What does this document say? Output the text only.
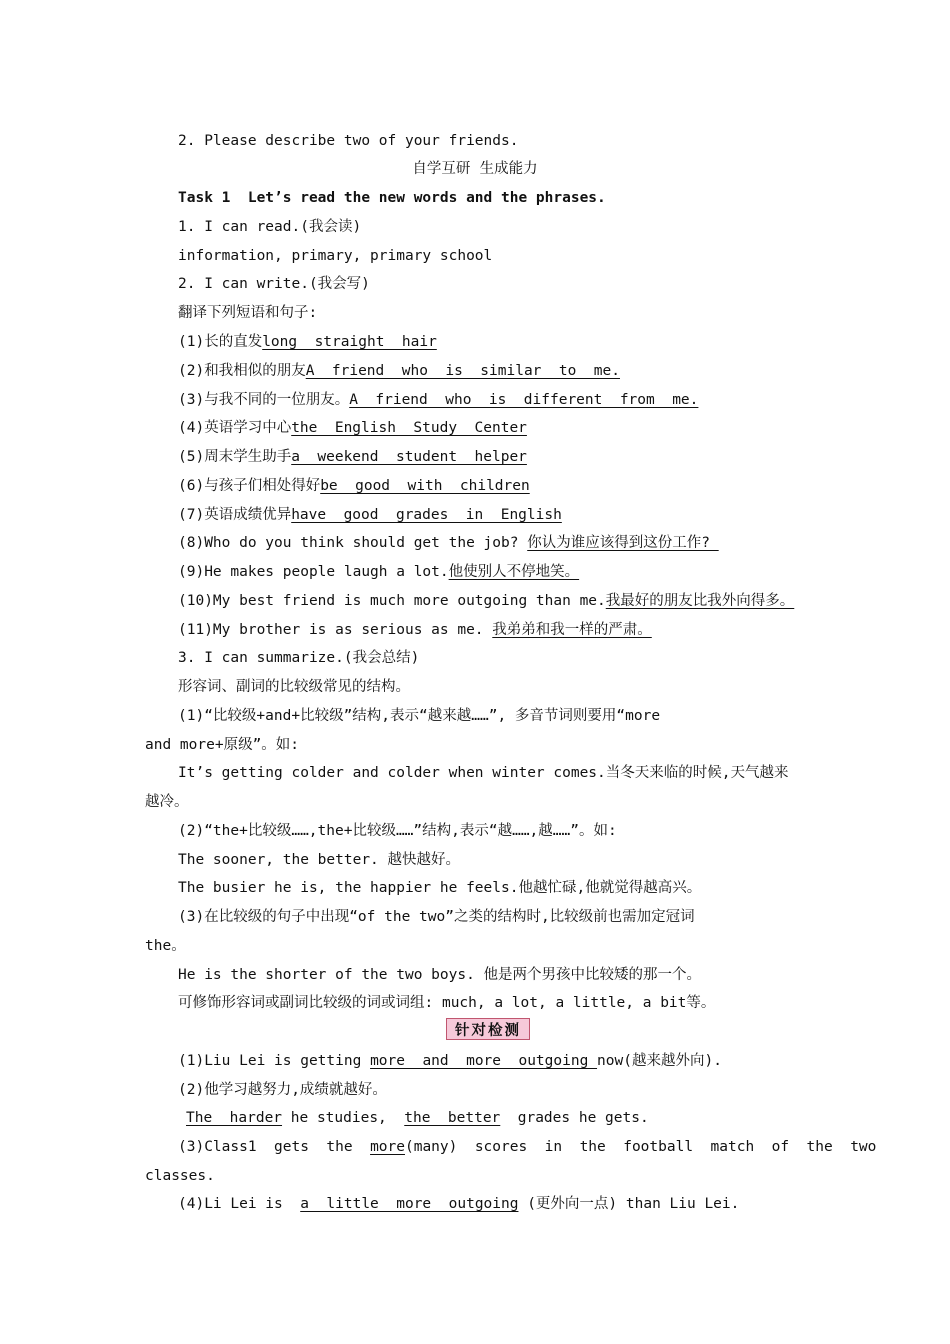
2. Please describe two of your friends.
自学互研  生成能力
Task 1  Let’s read the new words and the phrases.
1. I can read.(我会读)
information, primary, primary school
2. I can write.(我会写)
翻译下列短语和句子:
(1)长的直发long  straight  hair
(2)和我相似的朋友A  friend  who  is  similar  to  me.
(3)与我不同的一位朋友。A  friend  who  is  different  from  me.
(4)英语学习中心the  English  Study  Center
(5)周末学生助手a  weekend  student  helper
(6)与孩子们相处得好be  good  with  children
(7)英语成绩优异have  good  grades  in  English
(8)Who do you think should get the job? 你认为谁应该得到这份工作?
(9)He makes people laugh a lot.他使别人不停地笑。
(10)My best friend is much more outgoing than me.我最好的朋友比我外向得多。
(11)My brother is as serious as me. 我弟弟和我一样的严肃。
3. I can summarize.(我会总结)
形容词、副词的比较级常见的结构。
(1)“比较级+and+比较级”结构,表示“越来越……”, 多音节词则要用“more
and more+原级”。如:
It’s getting colder and colder when winter comes.当冬天来临的时候,天气越来
越冷。
(2)“the+比较级……,the+比较级……”结构,表示“越……,越……”。如:
The sooner, the better. 越快越好。
The busier he is, the happier he feels.他越忙碌,他就觉得越高兴。
(3)在比较级的句子中出现“of the two”之类的结构时,比较级前也需加定冠词
the。
He is the shorter of the two boys. 他是两个男孩中比较矮的那一个。
可修饰形容词或副词比较级的词或词组: much, a lot, a little, a bit等。
针对检测
(1)Liu Lei is getting more  and  more  outgoing now(越来越外向).
(2)他学习越努力,成绩就越好。
The  harder he studies,  the  better  grades he gets.
(3)Class1  gets  the  more(many)  scores  in  the  football  match  of  the  two
classes.
(4)Li Lei is  a  little  more  outgoing (更外向一点) than Liu Lei.
